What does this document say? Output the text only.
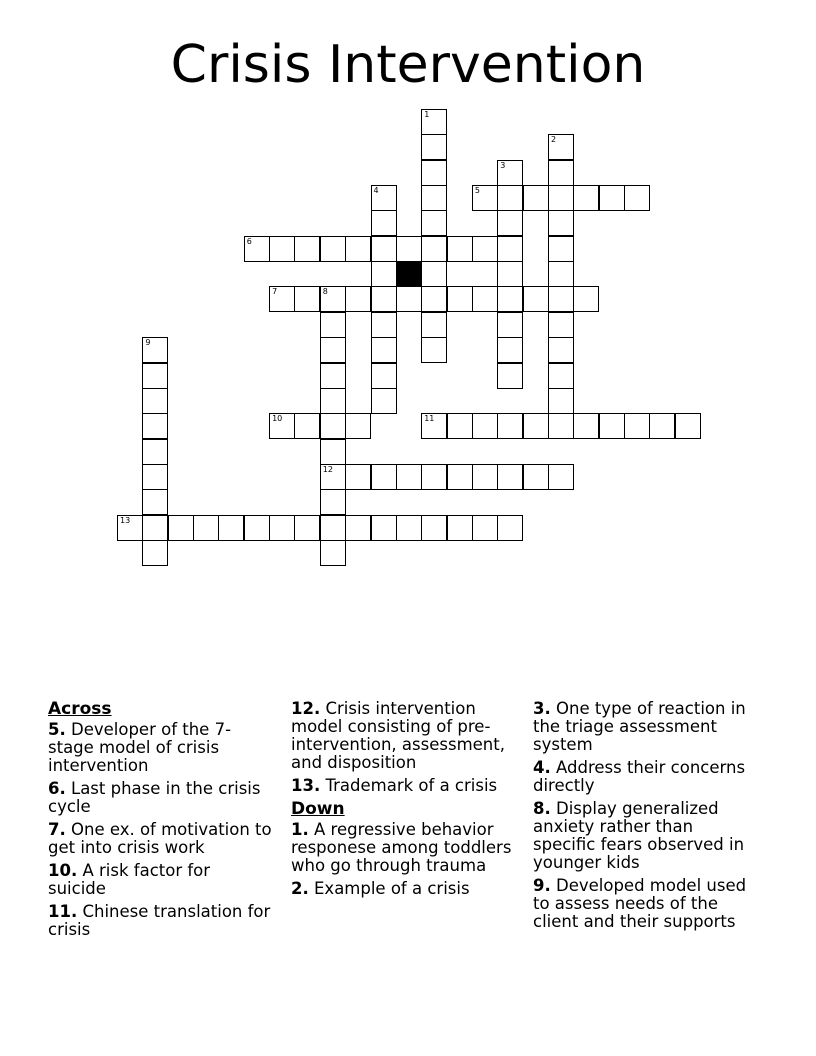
Crisis Intervention
1
2
3
4	5
6
7	8
12
9
10	11
13
Across
5. Developer of the 7-stage model of crisis intervention
6. Last phase in the crisis cycle
7. One ex. of motivation to get into crisis work
10. A risk factor for suicide
11. Chinese translation for crisis
12. Crisis intervention model consisting of pre-intervention, assessment, and disposition
13. Trademark of a crisis
Down
1. A regressive behavior responese among toddlers who go through trauma
2. Example of a crisis
3. One type of reaction in the triage assessment system
4. Address their concerns directly
8. Display generalized anxiety rather than specific fears observed in younger kids
9. Developed model used to assess needs of the client and their supports
